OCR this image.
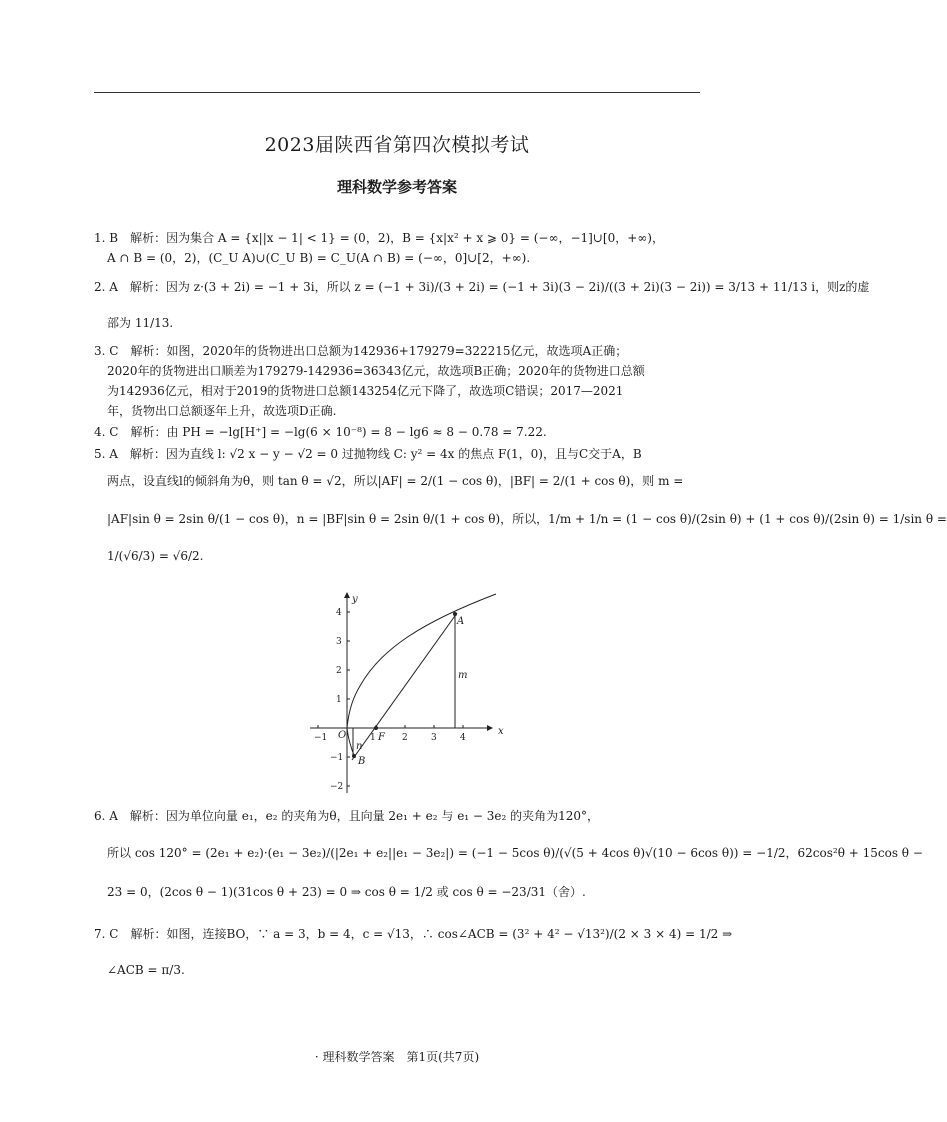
2023届陕西省第四次模拟考试
理科数学参考答案
1. B　解析：因为集合 A = {x||x − 1| < 1} = (0，2)，B = {x|x² + x ⩾ 0} = (−∞，−1]∪[0，+∞)，
A ∩ B = (0，2)，(C_U A)∪(C_U B) = C_U(A ∩ B) = (−∞，0]∪[2，+∞).
2. A　解析：因为 z·(3 + 2i) = −1 + 3i，所以 z = (−1 + 3i)/(3 + 2i) = (−1 + 3i)(3 − 2i)/((3 + 2i)(3 − 2i)) = 3/13 + 11/13 i，则z的虚
部为 11/13.
3. C　解析：如图，2020年的货物进出口总额为142936+179279=322215亿元，故选项A正确；
2020年的货物进出口顺差为179279-142936=36343亿元，故选项B正确；2020年的货物进口总额
为142936亿元，相对于2019的货物进口总额143254亿元下降了，故选项C错误；2017—2021
年，货物出口总额逐年上升，故选项D正确.
4. C　解析：由 PH = −lg[H⁺] = −lg(6 × 10⁻⁸) = 8 − lg6 ≈ 8 − 0.78 = 7.22.
5. A　解析：因为直线 l: √2 x − y − √2 = 0 过抛物线 C: y² = 4x 的焦点 F(1，0)，且与C交于A，B
两点，设直线l的倾斜角为θ，则 tan θ = √2，所以|AF| = 2/(1 − cos θ)，|BF| = 2/(1 + cos θ)，则 m =
|AF|sin θ = 2sin θ/(1 − cos θ)，n = |BF|sin θ = 2sin θ/(1 + cos θ)，所以，1/m + 1/n = (1 − cos θ)/(2sin θ) + (1 + cos θ)/(2sin θ) = 1/sin θ =
1/(√6/3) = √6/2.
O	x
y
A
B
F
m
n
−1	1	2	3	4
4
3
2
1
−1
−2
6. A　解析：因为单位向量 e₁，e₂ 的夹角为θ，且向量 2e₁ + e₂ 与 e₁ − 3e₂ 的夹角为120°，
所以 cos 120° = (2e₁ + e₂)·(e₁ − 3e₂)/(|2e₁ + e₂||e₁ − 3e₂|) = (−1 − 5cos θ)/(√(5 + 4cos θ)√(10 − 6cos θ)) = −1/2，62cos²θ + 15cos θ −
23 = 0，(2cos θ − 1)(31cos θ + 23) = 0 ⇒ cos θ = 1/2 或 cos θ = −23/31（舍）.
7. C　解析：如图，连接BO，∵ a = 3，b = 4，c = √13，∴ cos∠ACB = (3² + 4² − √13²)/(2 × 3 × 4) = 1/2 ⇒
∠ACB = π/3.
· 理科数学答案　第1页(共7页)
